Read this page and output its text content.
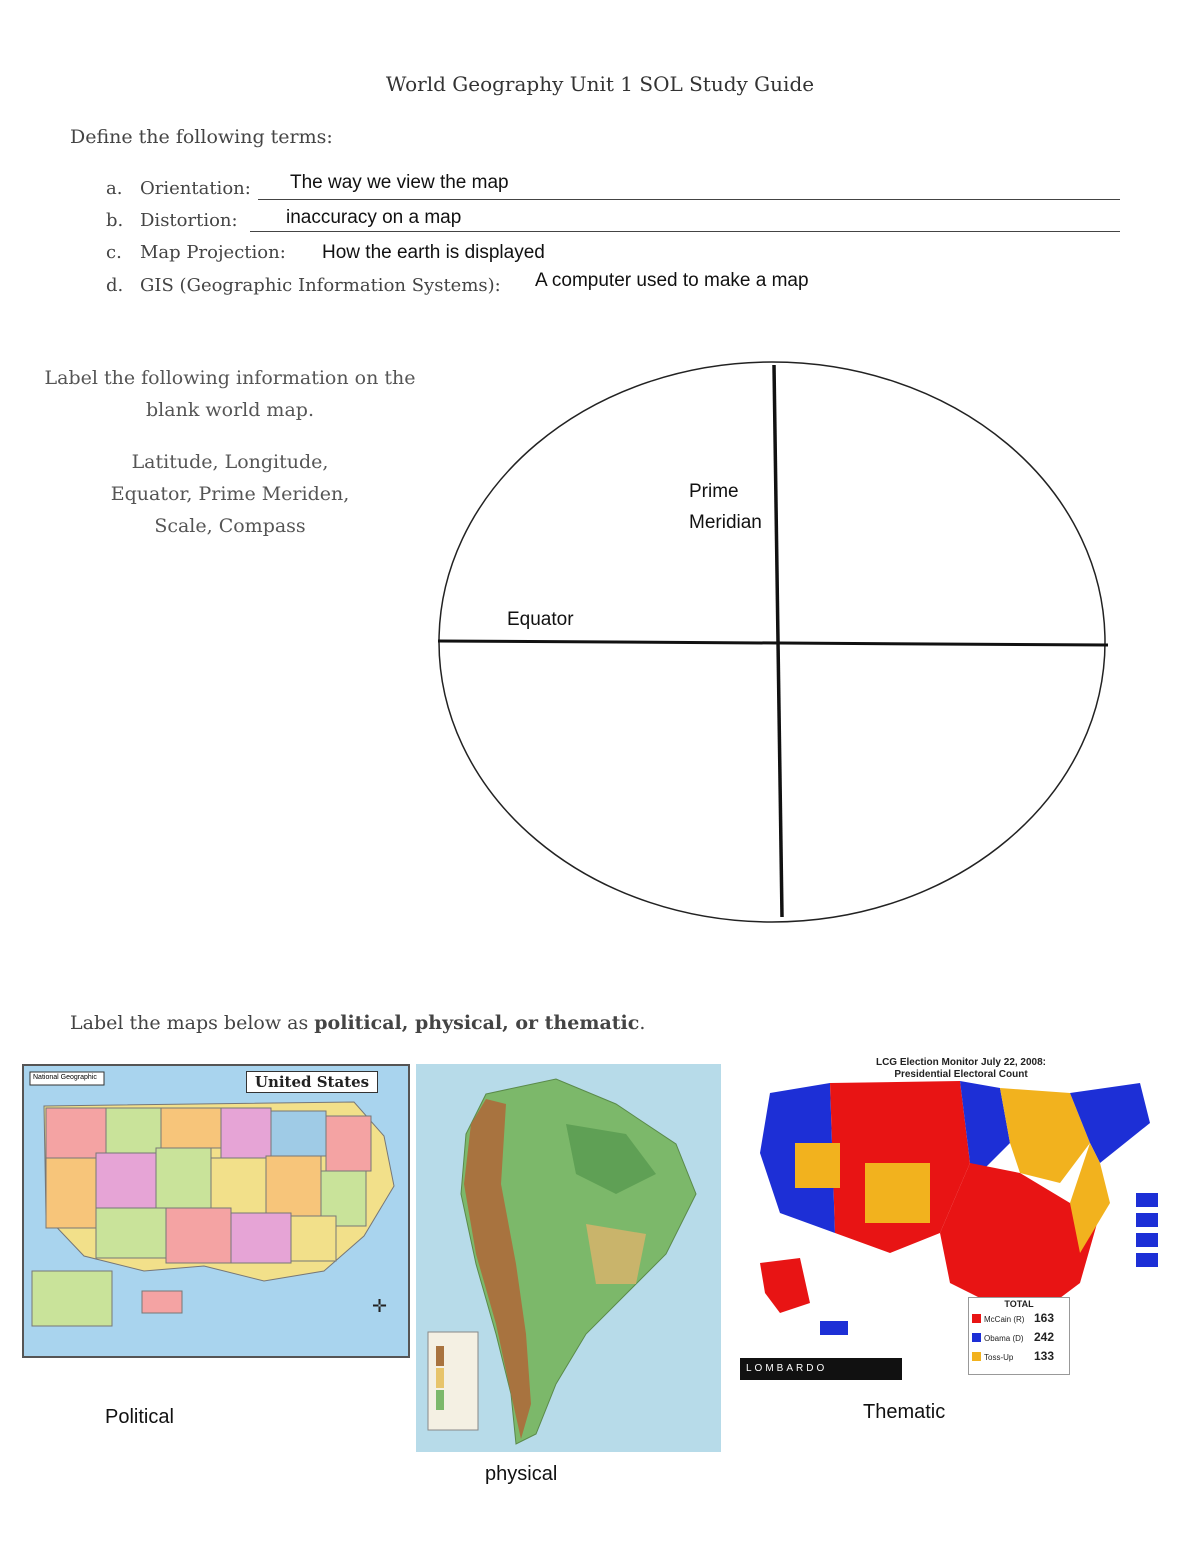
World Geography Unit 1 SOL Study Guide
Define the following terms:
a. Orientation: The way we view the map
b. Distortion:	inaccuracy on a map
c. Map Projection: How the earth is displayed
d. GIS (Geographic Information Systems): A computer used to make a map
Label the following information on the
blank world map.
Latitude, Longitude,
Equator, Prime Meriden,
Scale, Compass
Prime
Meridian
Equator
Label the maps below as political, physical, or thematic.
National Geographic	United States
✛
Political
physical
LCG Election Monitor July 22, 2008:
Presidential Electoral Count
TOTAL
McCain (R) 163
Obama (D) 242
Toss-Up 133
LOMBARDO
Thematic
